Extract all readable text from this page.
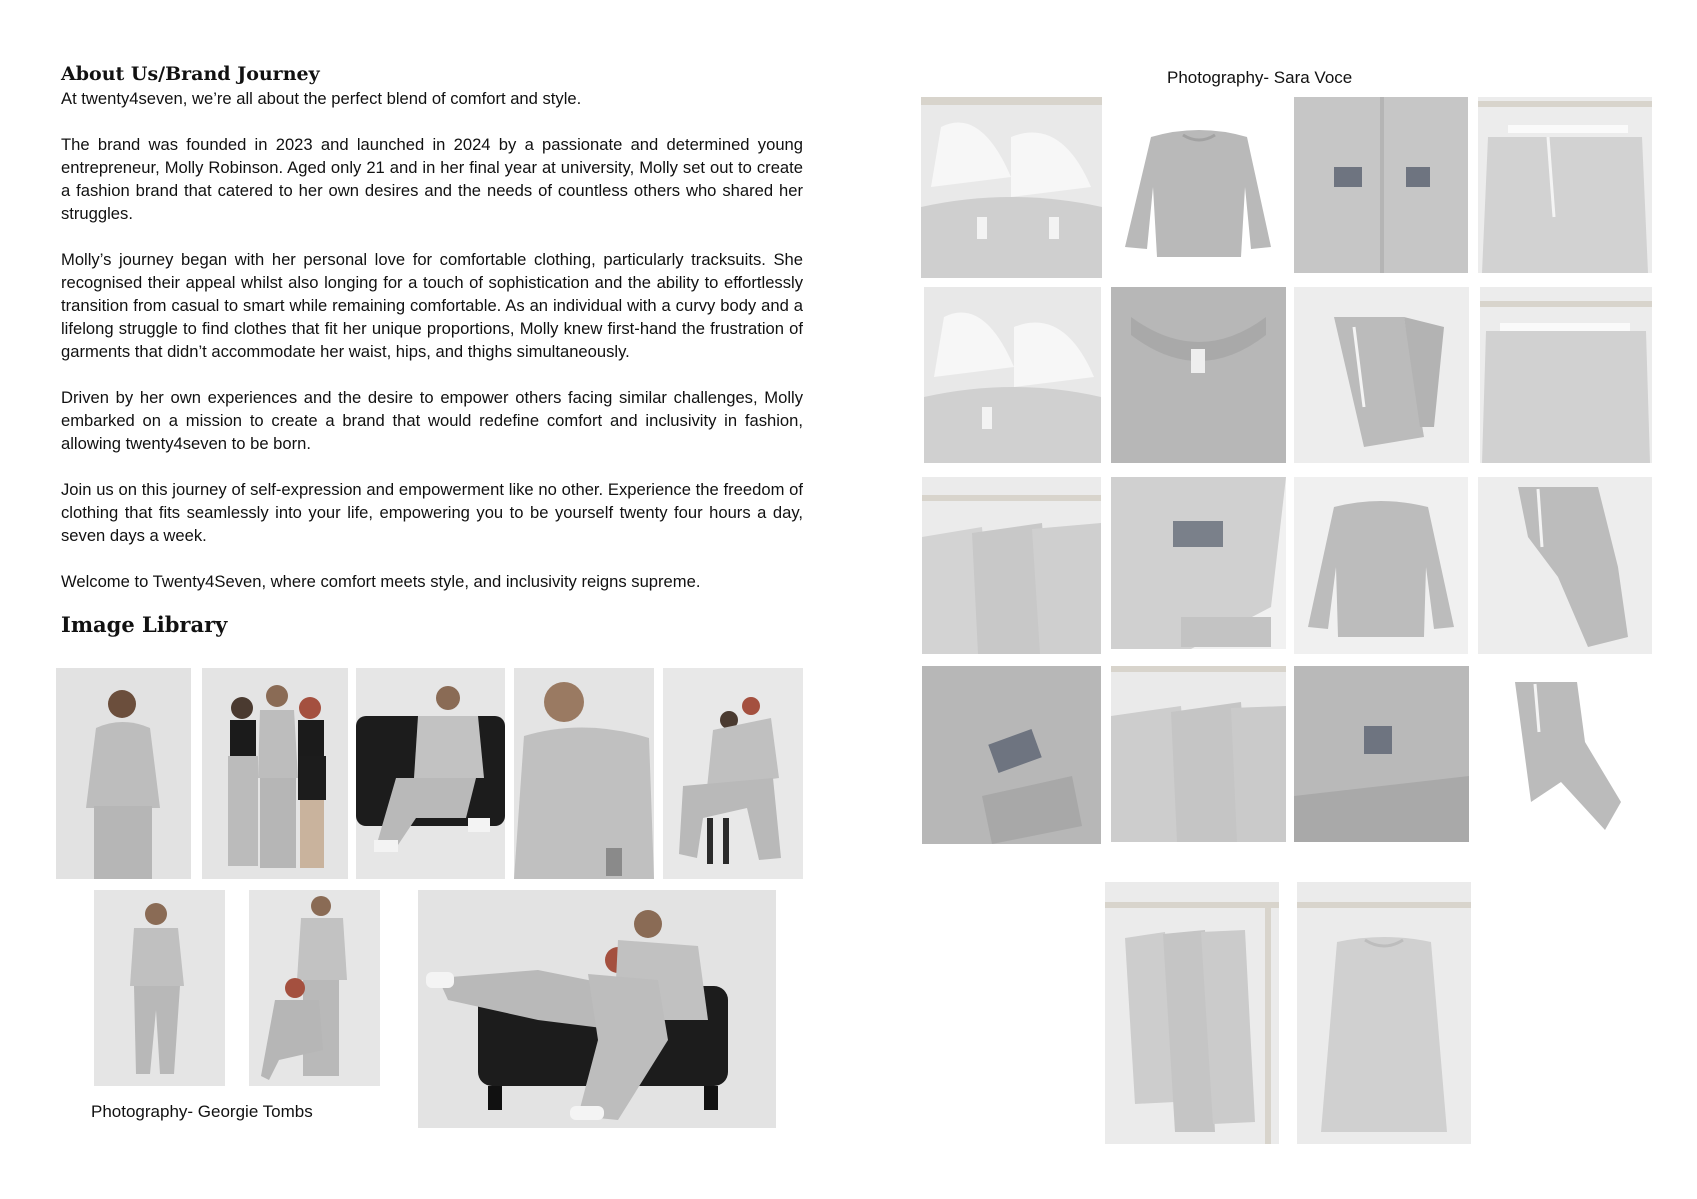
About Us/Brand Journey

At twenty4seven, we’re all about the perfect blend of comfort and style.

The brand was founded in 2023 and launched in 2024 by a passionate and determined young entrepreneur, Molly Robinson. Aged only 21 and in her final year at university, Molly set out to create a fashion brand that catered to her own desires and the needs of countless others who shared her struggles.

Molly’s journey began with her personal love for comfortable clothing, particularly tracksuits. She recognised their appeal whilst also longing for a touch of sophistication and the ability to effortlessly transition from casual to smart while remaining comfortable. As an individual with a curvy body and a lifelong struggle to find clothes that fit her unique proportions, Molly knew first-hand the frustration of garments that didn’t accommodate her waist, hips, and thighs simultaneously.

Driven by her own experiences and the desire to empower others facing similar challenges, Molly embarked on a mission to create a brand that would redefine comfort and inclusivity in fashion, allowing twenty4seven to be born.

Join us on this journey of self-expression and empowerment like no other. Experience the freedom of clothing that fits seamlessly into your life, empowering you to be yourself twenty four hours a day, seven days a week.

Welcome to Twenty4Seven, where comfort meets style, and inclusivity reigns supreme.

Image Library
Photography- Georgie Tombs
Photography- Sara Voce
